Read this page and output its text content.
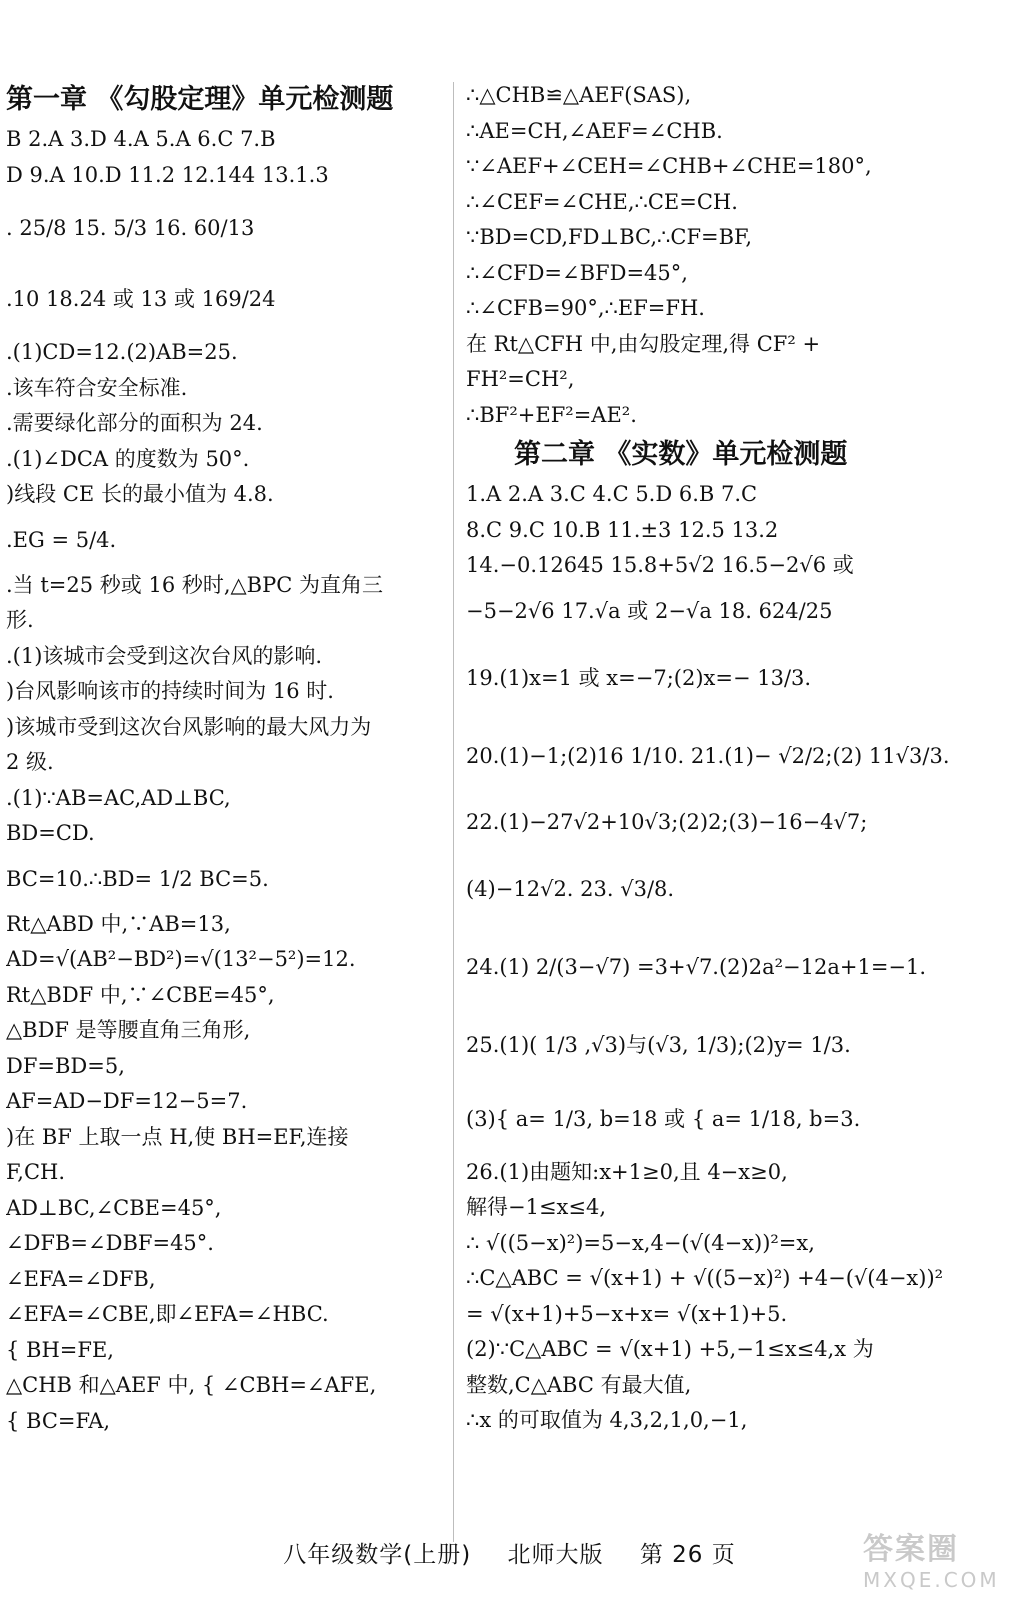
第一章 《勾股定理》单元检测题
B 2.A 3.D 4.A 5.A 6.C 7.B
D 9.A 10.D 11.2 12.144 13.1.3
. 25/8 15. 5/3 16. 60/13
.10 18.24 或 13 或 169/24
.(1)CD=12.(2)AB=25.
.该车符合安全标准.
.需要绿化部分的面积为 24.
.(1)∠DCA 的度数为 50°.
)线段 CE 长的最小值为 4.8.
.EG = 5/4.
.当 t=25 秒或 16 秒时,△BPC 为直角三
形.
.(1)该城市会受到这次台风的影响.
)台风影响该市的持续时间为 16 时.
)该城市受到这次台风影响的最大风力为
2 级.
.(1)∵AB=AC,AD⊥BC,
BD=CD.
BC=10.∴BD= 1/2 BC=5.
Rt△ABD 中,∵AB=13,
AD=√(AB²−BD²)=√(13²−5²)=12.
Rt△BDF 中,∵∠CBE=45°,
△BDF 是等腰直角三角形,
DF=BD=5,
AF=AD−DF=12−5=7.
)在 BF 上取一点 H,使 BH=EF,连接
F,CH.
AD⊥BC,∠CBE=45°,
∠DFB=∠DBF=45°.
∠EFA=∠DFB,
∠EFA=∠CBE,即∠EFA=∠HBC.
{ BH=FE,
△CHB 和△AEF 中, { ∠CBH=∠AFE,
{ BC=FA,
∴△CHB≌△AEF(SAS),
∴AE=CH,∠AEF=∠CHB.
∵∠AEF+∠CEH=∠CHB+∠CHE=180°,
∴∠CEF=∠CHE,∴CE=CH.
∵BD=CD,FD⊥BC,∴CF=BF,
∴∠CFD=∠BFD=45°,
∴∠CFB=90°,∴EF=FH.
在 Rt△CFH 中,由勾股定理,得 CF² +
FH²=CH²,
∴BF²+EF²=AE².
第二章 《实数》单元检测题
1.A 2.A 3.C 4.C 5.D 6.B 7.C
8.C 9.C 10.B 11.±3 12.5 13.2
14.−0.12645 15.8+5√2 16.5−2√6 或
−5−2√6 17.√a 或 2−√a 18. 624/25
19.(1)x=1 或 x=−7;(2)x=− 13/3.
20.(1)−1;(2)16 1/10. 21.(1)− √2/2;(2) 11√3/3.
22.(1)−27√2+10√3;(2)2;(3)−16−4√7;
(4)−12√2. 23. √3/8.
24.(1) 2/(3−√7) =3+√7.(2)2a²−12a+1=−1.
25.(1)( 1/3 ,√3)与(√3, 1/3);(2)y= 1/3.
(3){ a= 1/3, b=18 或 { a= 1/18, b=3.
26.(1)由题知:x+1≥0,且 4−x≥0,
解得−1≤x≤4,
∴ √((5−x)²)=5−x,4−(√(4−x))²=x,
∴C△ABC = √(x+1) + √((5−x)²) +4−(√(4−x))²
= √(x+1)+5−x+x= √(x+1)+5.
(2)∵C△ABC = √(x+1) +5,−1≤x≤4,x 为
整数,C△ABC 有最大值,
∴x 的可取值为 4,3,2,1,0,−1,
八年级数学(上册) 北师大版 第 26 页	答案圈
MXQE.COM
